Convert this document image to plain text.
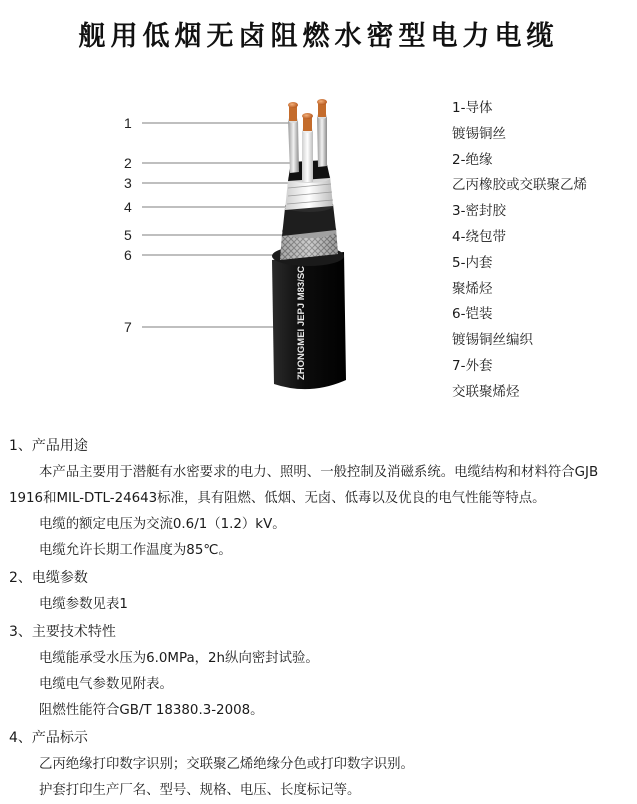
舰用低烟无卤阻燃水密型电力电缆
1
2
3
4
5
6
7	ZHONGMEI JEPJ M83/SC
1-导体
镀锡铜丝
2-绝缘
乙丙橡胶或交联聚乙烯
3-密封胶
4-绕包带
5-内套
聚烯烃
6-铠装
镀锡铜丝编织
7-外套
交联聚烯烃
1、产品用途
本产品主要用于潜艇有水密要求的电力、照明、一般控制及消磁系统。电缆结构和材料符合GJB
1916和MIL-DTL-24643标准，具有阻燃、低烟、无卤、低毒以及优良的电气性能等特点。
电缆的额定电压为交流0.6/1（1.2）kV。
电缆允许长期工作温度为85℃。
2、电缆参数
电缆参数见表1
3、主要技术特性
电缆能承受水压为6.0MPa，2h纵向密封试验。
电缆电气参数见附表。
阻燃性能符合GB/T 18380.3-2008。
4、产品标示
乙丙绝缘打印数字识别；交联聚乙烯绝缘分色或打印数字识别。
护套打印生产厂名、型号、规格、电压、长度标记等。
